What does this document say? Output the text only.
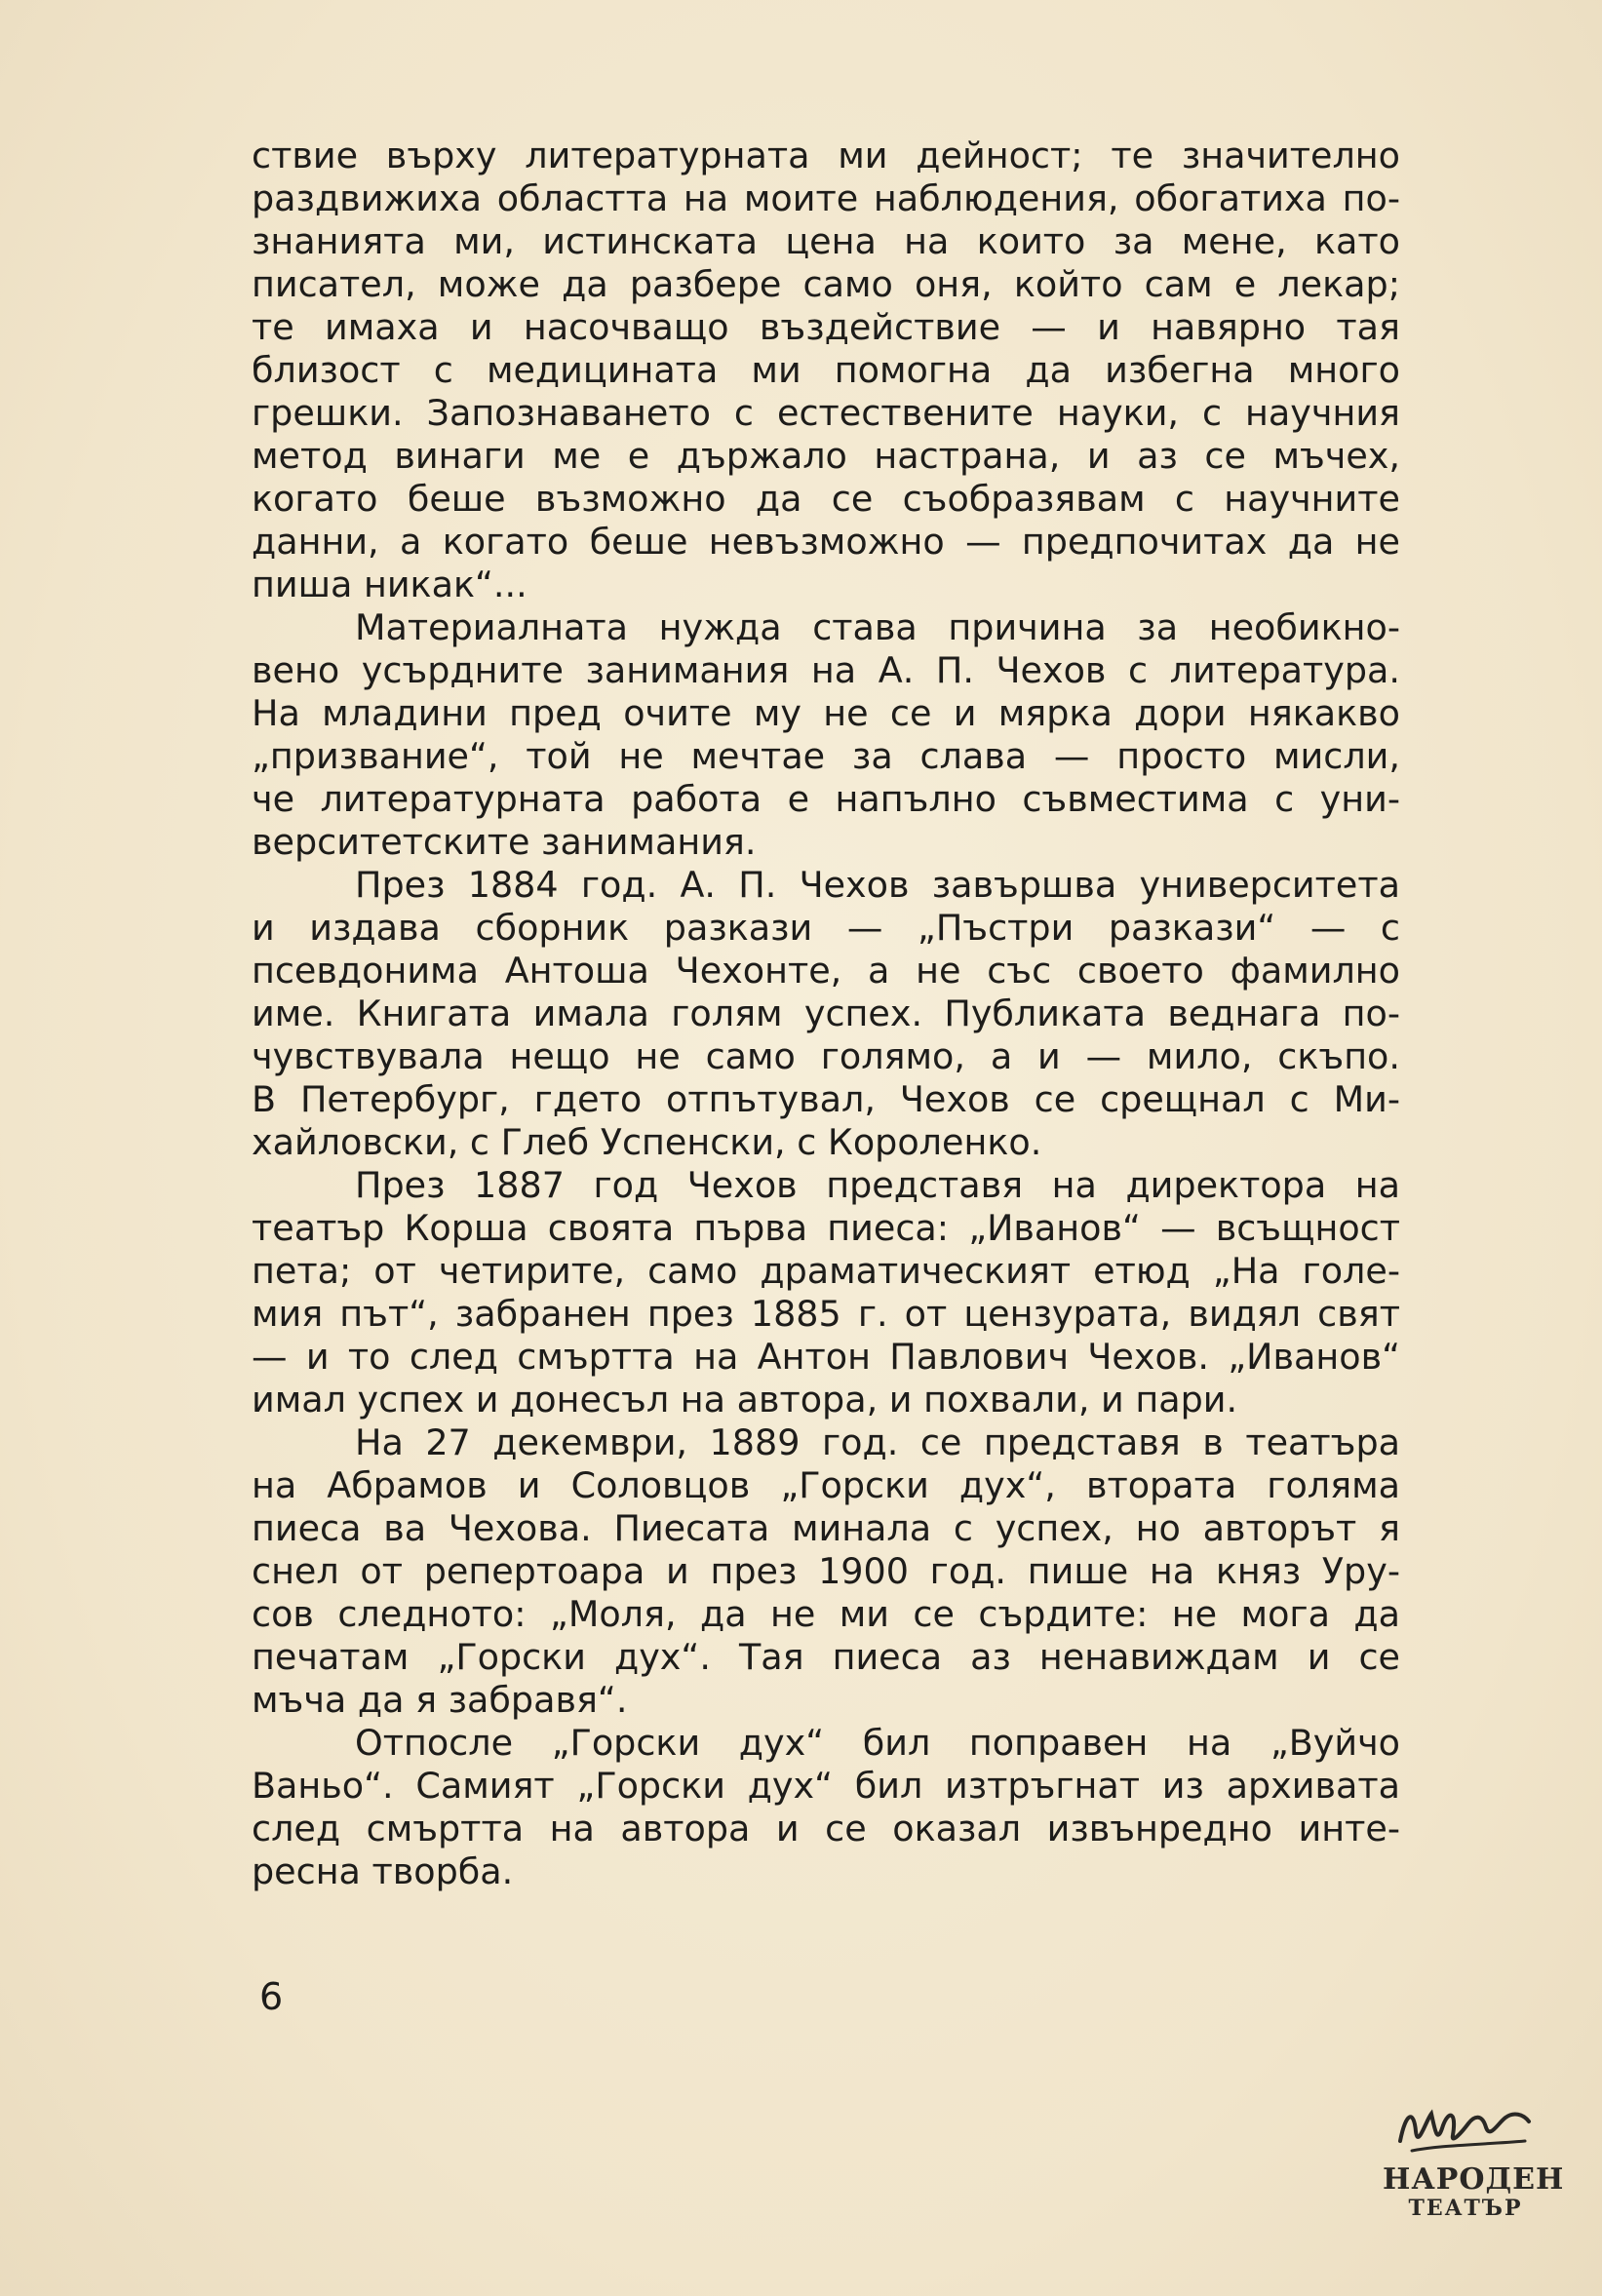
ствие върху литературната ми дейност; те значително
раздвижиха областта на моите наблюдения, обогатиха по-
знанията ми, истинската цена на които за мене, като
писател, може да разбере само оня, който сам е лекар;
те имаха и насочващо въздействие — и навярно тая
близост с медицината ми помогна да избегна много
грешки. Запознаването с естествените науки, с научния
метод винаги ме е държало настрана, и аз се мъчех,
когато беше възможно да се съобразявам с научните
данни, а когато беше невъзможно — предпочитах да не
пиша никак“...
Материалната нужда става причина за необикно-
вено усърдните занимания на А. П. Чехов с литература.
На младини пред очите му не се и мярка дори някакво
„призвание“, той не мечтае за слава — просто мисли,
че литературната работа е напълно съвместима с уни-
верситетските занимания.
През 1884 год. А. П. Чехов завършва университета
и издава сборник разкази — „Пъстри разкази“ — с
псевдонима Антоша Чехонте, а не със своето фамилно
име. Книгата имала голям успех. Публиката веднага по-
чувствувала нещо не само голямо, а и — мило, скъпо.
В Петербург, гдето отпътувал, Чехов се срещнал с Ми-
хайловски, с Глеб Успенски, с Короленко.
През 1887 год Чехов представя на директора на
театър Корша своята първа пиеса: „Иванов“ — всъщност
пета; от четирите, само драматическият етюд „На голе-
мия път“, забранен през 1885 г. от цензурата, видял свят
— и то след смъртта на Антон Павлович Чехов. „Иванов“
имал успех и донесъл на автора, и похвали, и пари.
На 27 декември, 1889 год. се представя в театъра
на Абрамов и Соловцов „Горски дух“, втората голяма
пиеса ва Чехова. Пиесата минала с успех, но авторът я
снел от репертоара и през 1900 год. пише на княз Уру-
сов следното: „Моля, да не ми се сърдите: не мога да
печатам „Горски дух“. Тая пиеса аз ненавиждам и се
мъча да я забравя“.
Отпосле „Горски дух“ бил поправен на „Вуйчо
Ваньо“. Самият „Горски дух“ бил изтръгнат из архивата
след смъртта на автора и се оказал извънредно инте-
ресна творба.
6
НАРОДЕН
ТЕАТЪР
